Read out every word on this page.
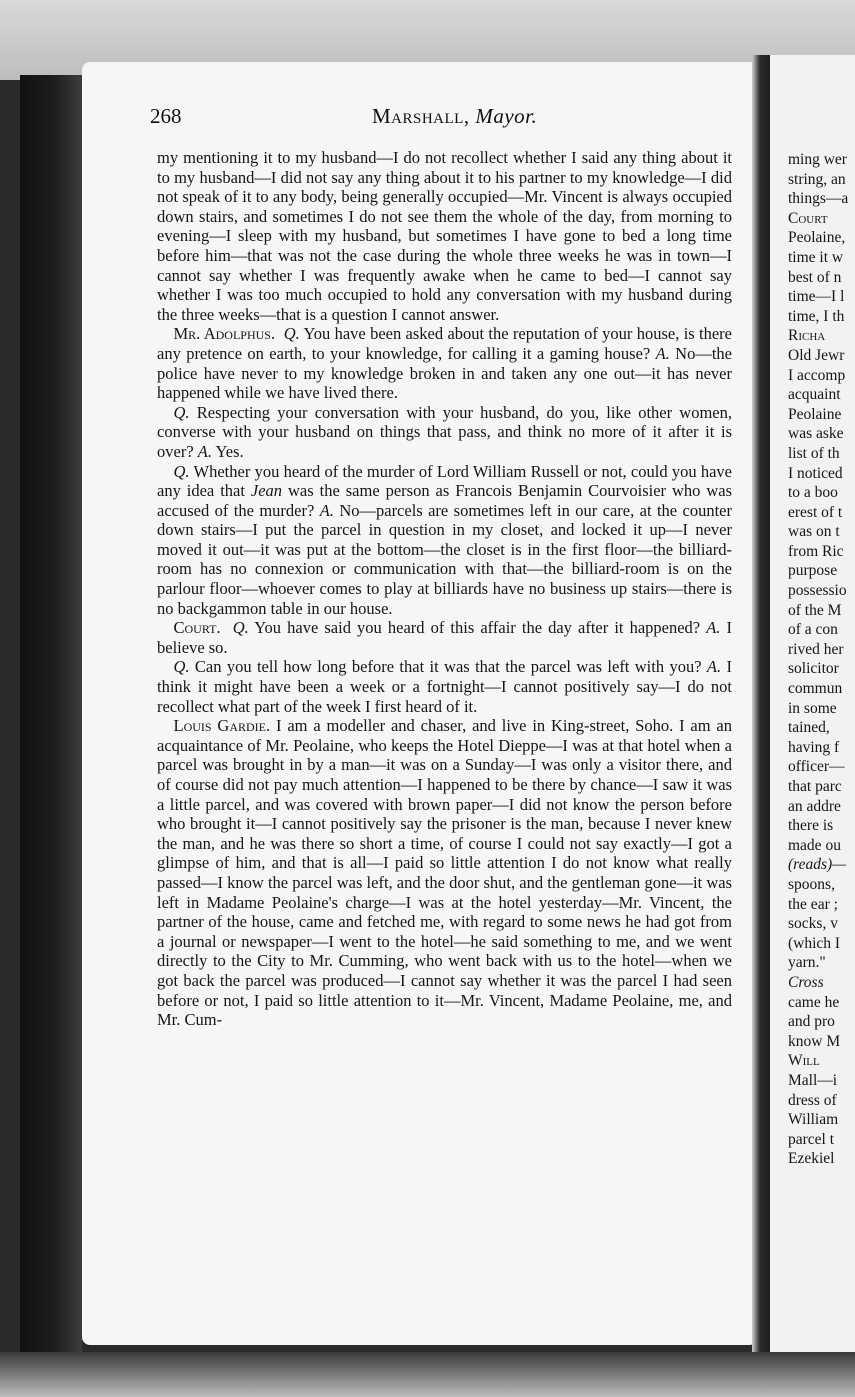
268	Marshall, Mayor.

my mentioning it to my husband—I do not recollect whether I said any thing about it to my husband—I did not say any thing about it to his partner to my knowledge—I did not speak of it to any body, being generally occupied—Mr. Vincent is always occupied down stairs, and sometimes I do not see them the whole of the day, from morning to evening—I sleep with my husband, but sometimes I have gone to bed a long time before him—that was not the case during the whole three weeks he was in town—I cannot say whether I was frequently awake when he came to bed—I cannot say whether I was too much occupied to hold any conversation with my husband during the three weeks—that is a question I cannot answer.

Mr. Adolphus. Q. You have been asked about the reputation of your house, is there any pretence on earth, to your knowledge, for calling it a gaming house? A. No—the police have never to my knowledge broken in and taken any one out—it has never happened while we have lived there.

Q. Respecting your conversation with your husband, do you, like other women, converse with your husband on things that pass, and think no more of it after it is over? A. Yes.

Q. Whether you heard of the murder of Lord William Russell or not, could you have any idea that Jean was the same person as Francois Benjamin Courvoisier who was accused of the murder? A. No—parcels are sometimes left in our care, at the counter down stairs—I put the parcel in question in my closet, and locked it up—I never moved it out—it was put at the bottom—the closet is in the first floor—the billiard-room has no connexion or communication with that—the billiard-room is on the parlour floor—whoever comes to play at billiards have no business up stairs—there is no backgammon table in our house.

Court. Q. You have said you heard of this affair the day after it happened? A. I believe so.

Q. Can you tell how long before that it was that the parcel was left with you? A. I think it might have been a week or a fortnight—I cannot positively say—I do not recollect what part of the week I first heard of it.

Louis Gardie. I am a modeller and chaser, and live in King-street, Soho. I am an acquaintance of Mr. Peolaine, who keeps the Hotel Dieppe—I was at that hotel when a parcel was brought in by a man—it was on a Sunday—I was only a visitor there, and of course did not pay much attention—I happened to be there by chance—I saw it was a little parcel, and was covered with brown paper—I did not know the person before who brought it—I cannot positively say the prisoner is the man, because I never knew the man, and he was there so short a time, of course I could not say exactly—I got a glimpse of him, and that is all—I paid so little attention I do not know what really passed—I know the parcel was left, and the door shut, and the gentleman gone—it was left in Madame Peolaine's charge—I was at the hotel yesterday—Mr. Vincent, the partner of the house, came and fetched me, with regard to some news he had got from a journal or newspaper—I went to the hotel—he said something to me, and we went directly to the City to Mr. Cumming, who went back with us to the hotel—when we got back the parcel was produced—I cannot say whether it was the parcel I had seen before or not, I paid so little attention to it—Mr. Vincent, Madame Peolaine, me, and Mr. Cum-

ming wer
string, an
things—a
Court
Peolaine,
time it w
best of n
time—I l
time, I th
Richa
Old Jewr
I accomp
acquaint
Peolaine
was aske
list of th
I noticed
to a boo
erest of t
was on t
from Ric
purpose
possessio
of the M
of a con
rived her
solicitor
commun
in some
tained,
having f
officer—
that parc
an addre
there is
made ou
(reads)—
spoons,
the ear ;
socks, v
(which I
yarn."
Cross
came he
and pro
know M
Will
Mall—i
dress of
William
parcel t
Ezekiel
